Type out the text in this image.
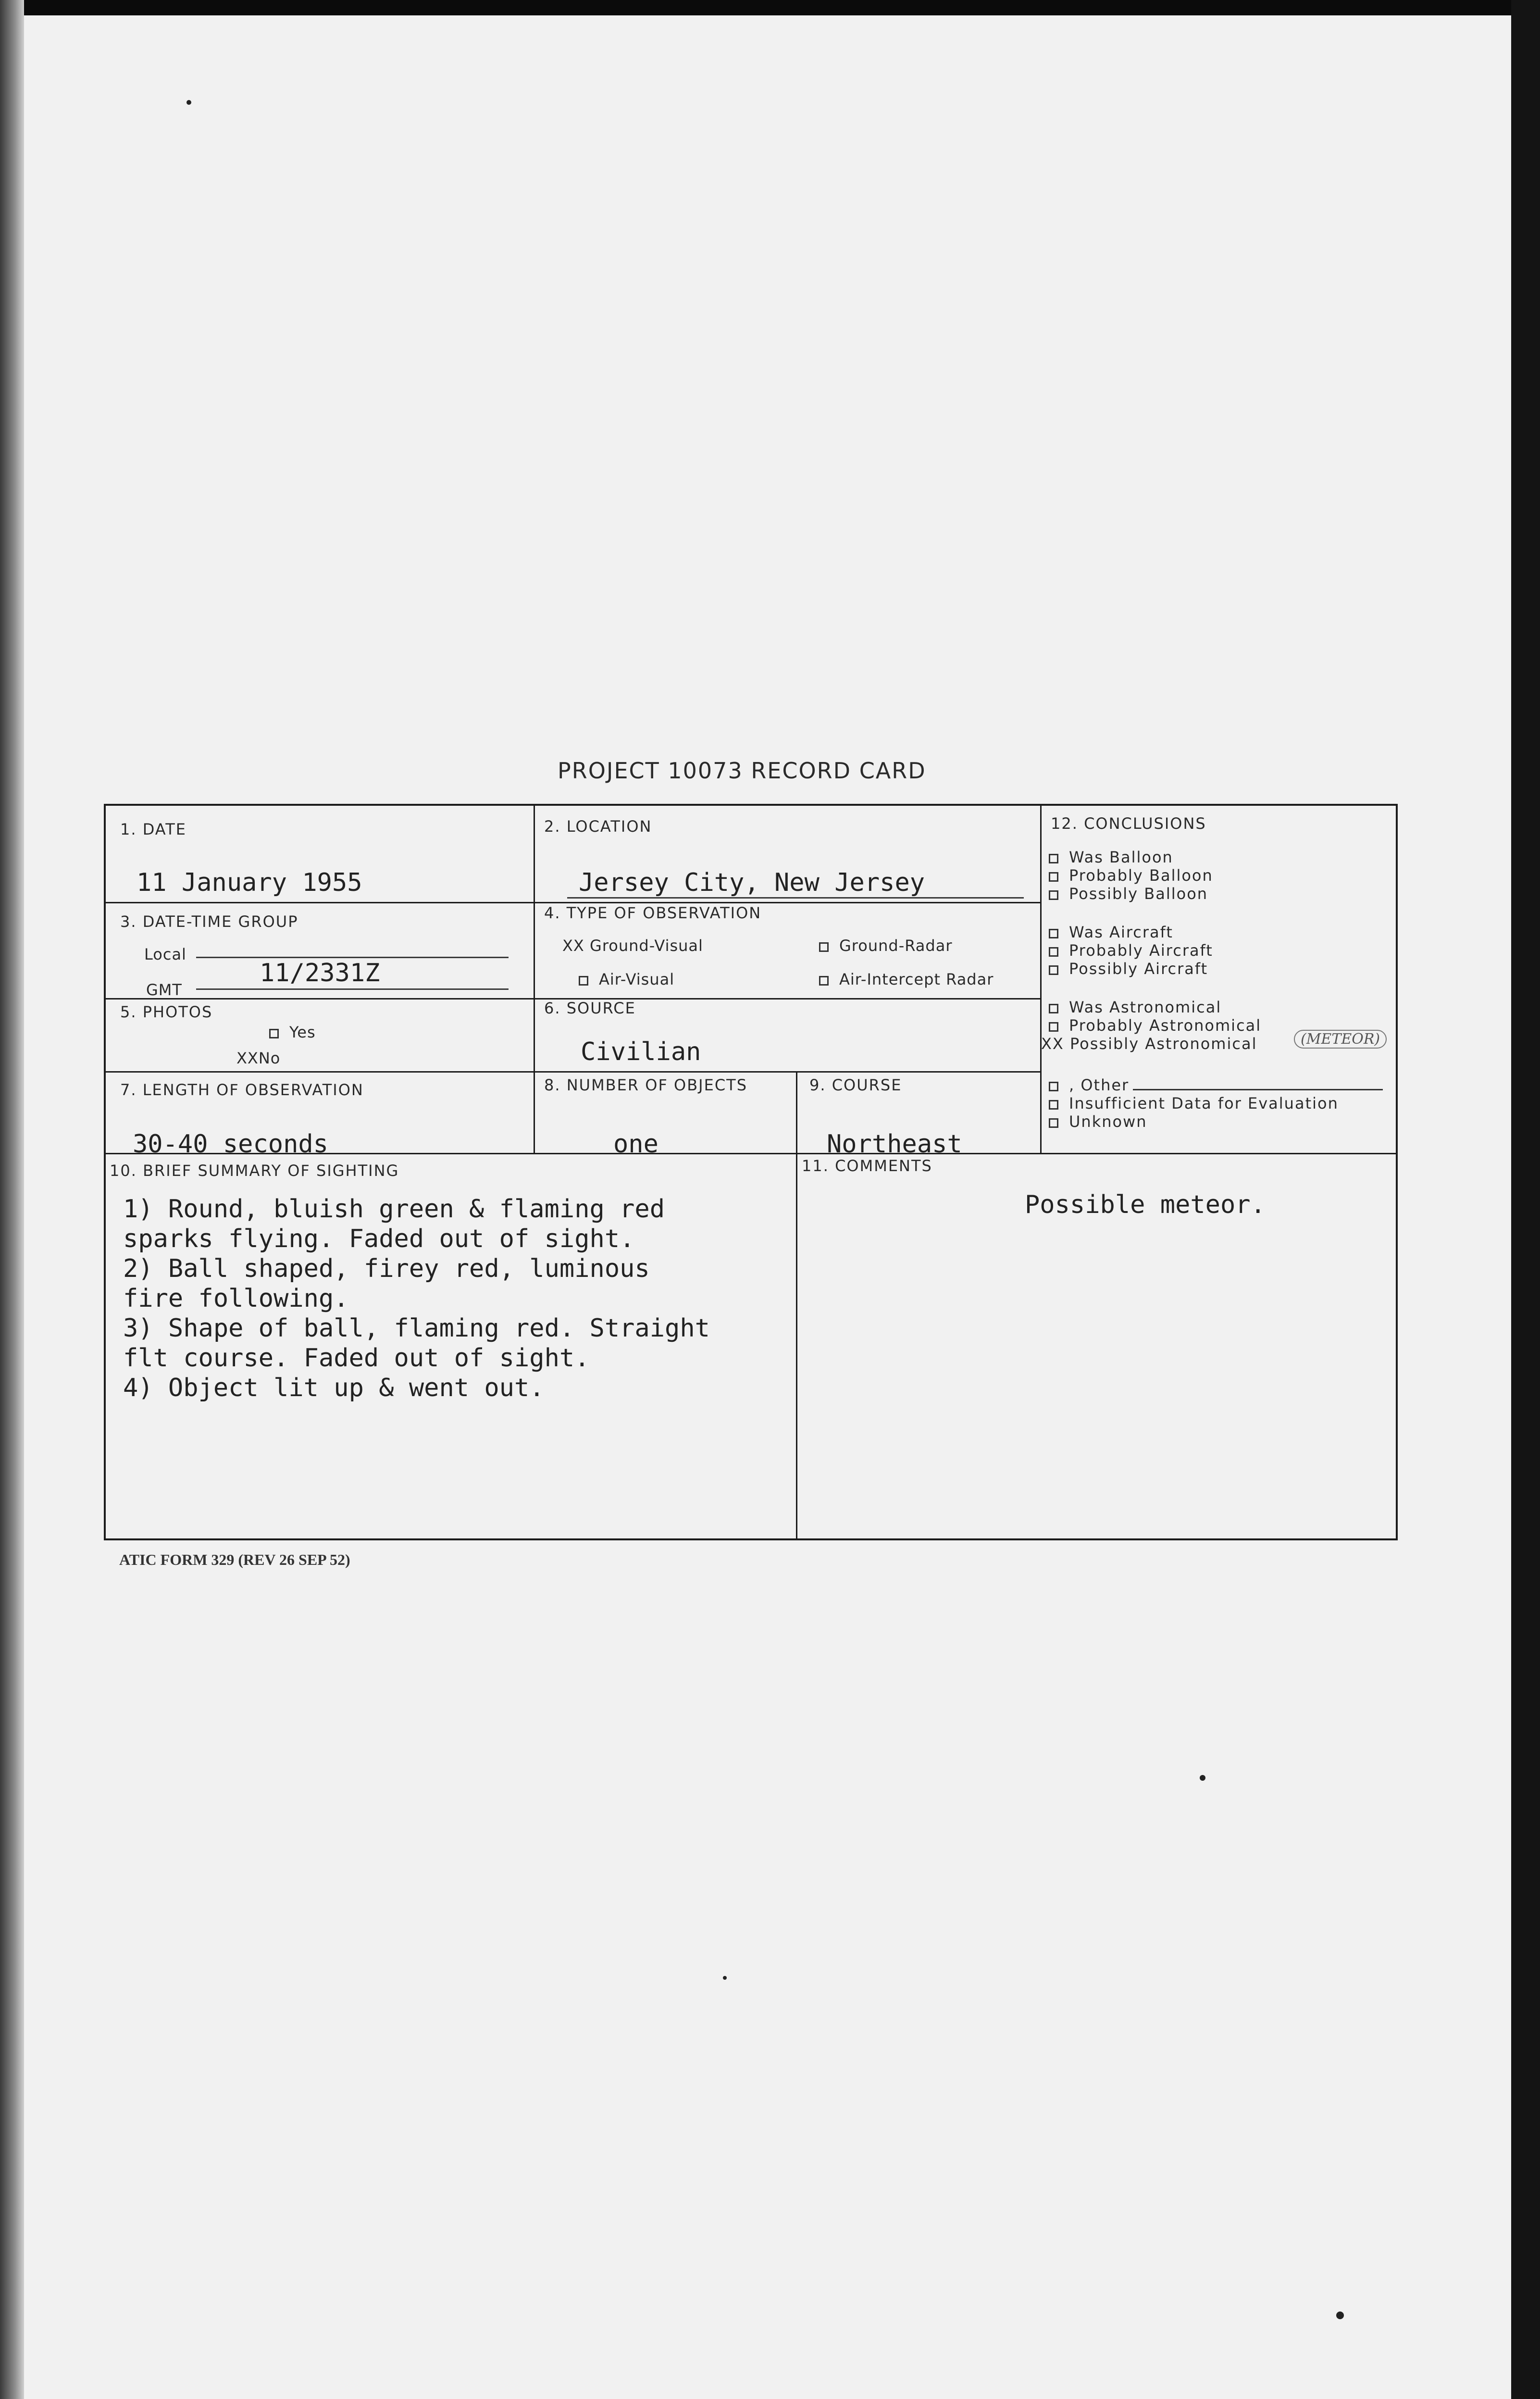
PROJECT 10073 RECORD CARD
1. DATE
11 January 1955
2. LOCATION
Jersey City, New Jersey
3. DATE-TIME GROUP
Local
GMT
11/2331Z
4. TYPE OF OBSERVATION
XX Ground-Visual	Ground-Radar
Air-Visual	Air-Intercept Radar
5. PHOTOS
Yes
XXNo
6. SOURCE
Civilian
7. LENGTH OF OBSERVATION
30-40 seconds
8. NUMBER OF OBJECTS
one
9. COURSE
Northeast
12. CONCLUSIONS
Was Balloon
Probably Balloon
Possibly Balloon
Was Aircraft
Probably Aircraft
Possibly Aircraft
Was Astronomical
Probably Astronomical
XX Possibly Astronomical	(METEOR)
, Other
Insufficient Data for Evaluation
Unknown
10. BRIEF SUMMARY OF SIGHTING
1) Round, bluish green & flaming red
sparks flying. Faded out of sight.
2) Ball shaped, firey red, luminous
fire following.
3) Shape of ball, flaming red. Straight
flt course. Faded out of sight.
4) Object lit up & went out.
11. COMMENTS
Possible meteor.
ATIC FORM 329 (REV 26 SEP 52)
